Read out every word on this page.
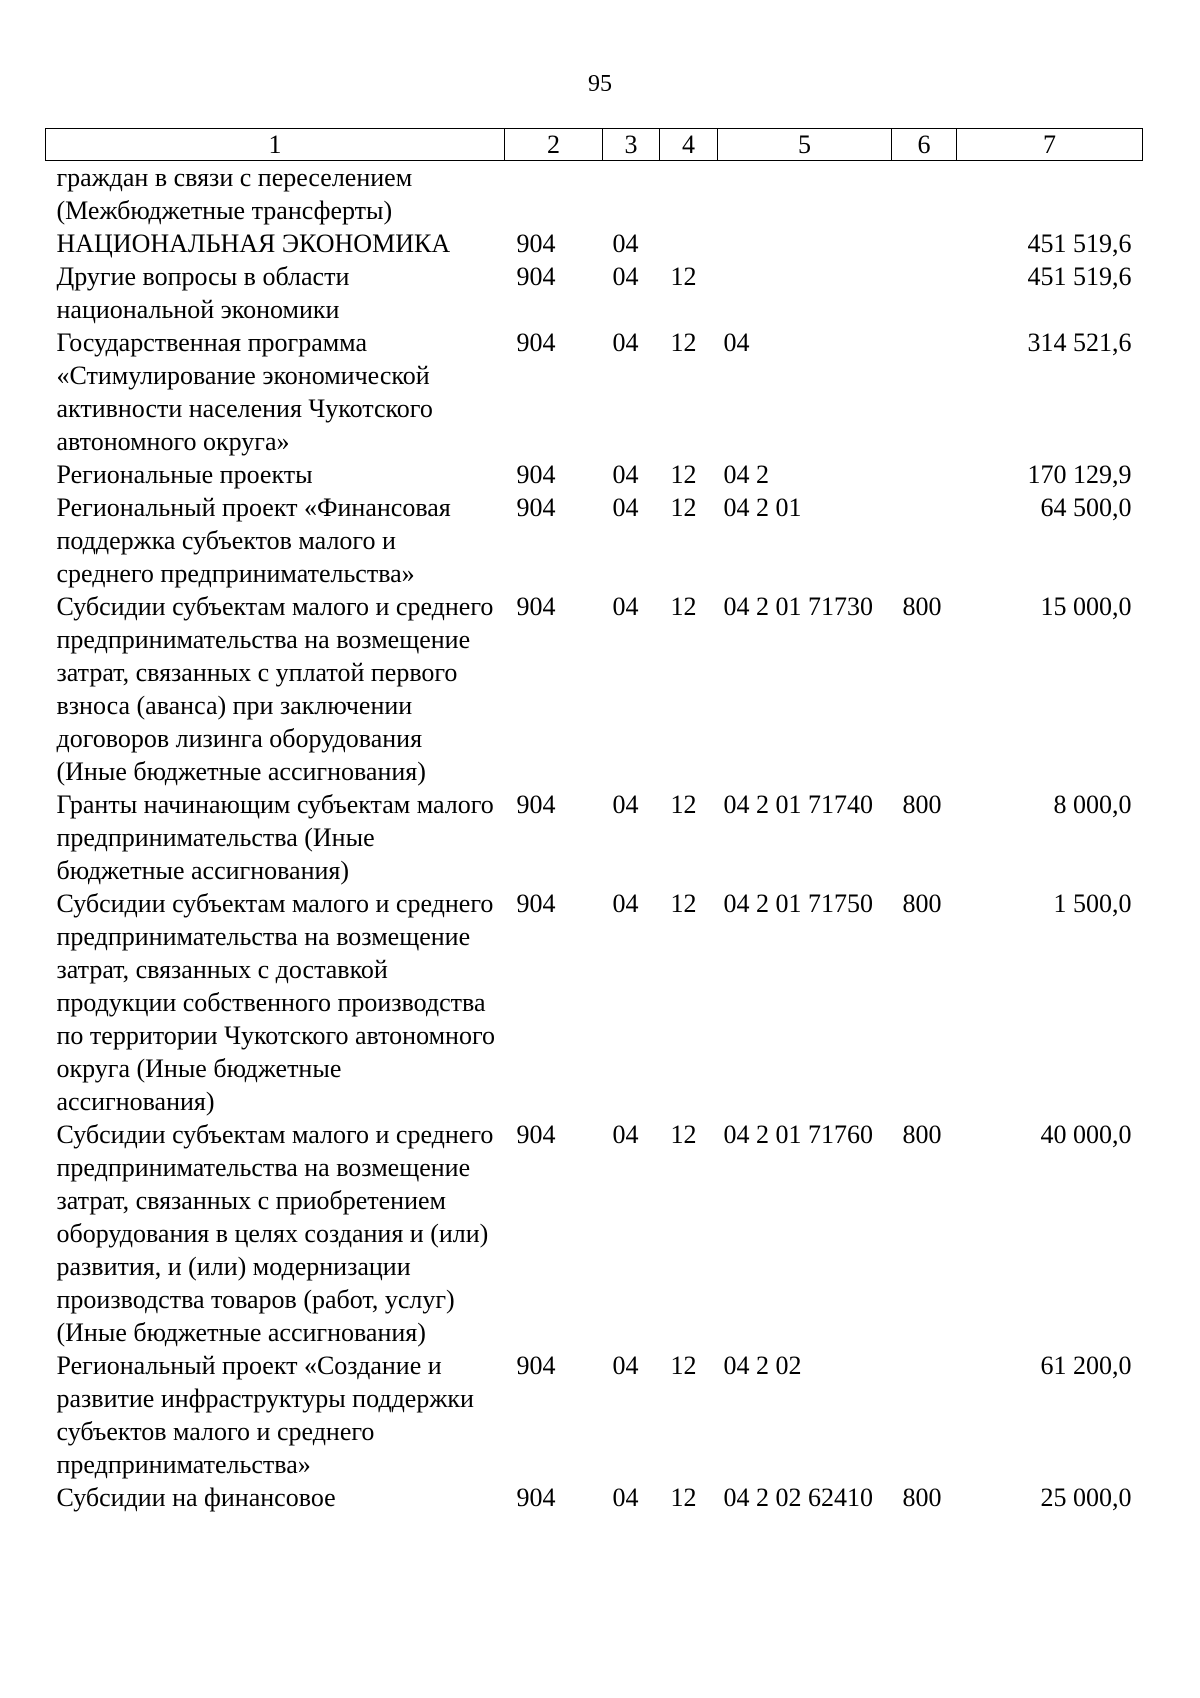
95
1	2	3	4	5	6	7
граждан в связи с переселением (Межбюджетные трансферты)						
НАЦИОНАЛЬНАЯ ЭКОНОМИКА	904	04				451 519,6
Другие вопросы в области национальной экономики	904	04	12			451 519,6
Государственная программа «Стимулирование экономической активности населения Чукотского автономного округа»	904	04	12	04		314 521,6
Региональные проекты	904	04	12	04 2		170 129,9
Региональный проект «Финансовая поддержка субъектов малого и среднего предпринимательства»	904	04	12	04 2 01		64 500,0
Субсидии субъектам малого и среднего предпринимательства на возмещение затрат, связанных с уплатой первого взноса (аванса) при заключении договоров лизинга оборудования (Иные бюджетные ассигнования)	904	04	12	04 2 01 71730	800	15 000,0
Гранты начинающим субъектам малого предпринимательства (Иные бюджетные ассигнования)	904	04	12	04 2 01 71740	800	8 000,0
Субсидии субъектам малого и среднего предпринимательства на возмещение затрат, связанных с доставкой продукции собственного производства по территории Чукотского автономного округа (Иные бюджетные ассигнования)	904	04	12	04 2 01 71750	800	1 500,0
Субсидии субъектам малого и среднего предпринимательства на возмещение затрат, связанных с приобретением оборудования в целях создания и (или) развития, и (или) модернизации производства товаров (работ, услуг) (Иные бюджетные ассигнования)	904	04	12	04 2 01 71760	800	40 000,0
Региональный проект «Создание и развитие инфраструктуры поддержки субъектов малого и среднего предпринимательства»	904	04	12	04 2 02		61 200,0
Субсидии на финансовое	904	04	12	04 2 02 62410	800	25 000,0
